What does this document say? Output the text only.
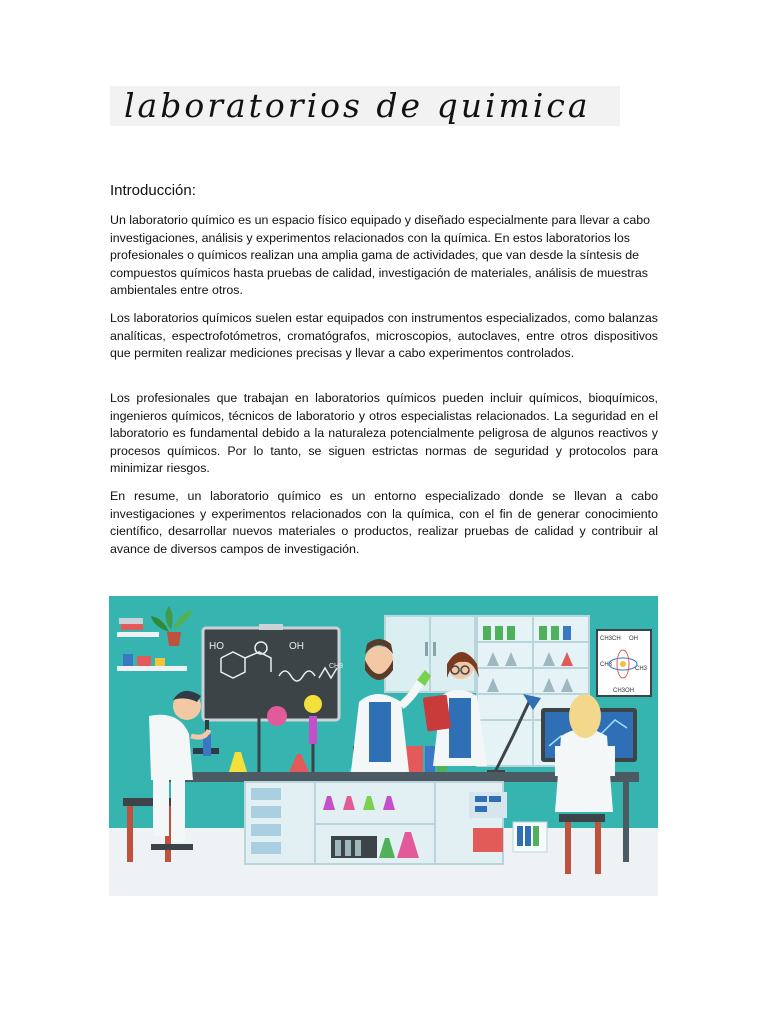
laboratorios de quimica
Introducción:

Un laboratorio químico es un espacio físico equipado y diseñado especialmente para llevar a cabo investigaciones, análisis y experimentos relacionados con la química. En estos laboratorios los profesionales o químicos realizan una amplia gama de actividades, que van desde la síntesis de compuestos químicos hasta pruebas de calidad, investigación de materiales, análisis de muestras ambientales entre otros.

Los laboratorios químicos suelen estar equipados con instrumentos especializados, como balanzas analíticas, espectrofotómetros, cromatógrafos, microscopios, autoclaves, entre otros dispositivos que permiten realizar mediciones precisas y llevar a cabo experimentos controlados.

Los profesionales que trabajan en laboratorios químicos pueden incluir químicos, bioquímicos, ingenieros químicos, técnicos de laboratorio y otros especialistas relacionados. La seguridad en el laboratorio es fundamental debido a la naturaleza potencialmente peligrosa de algunos reactivos y procesos químicos. Por lo tanto, se siguen estrictas normas de seguridad y protocolos para minimizar riesgos.

En resume, un laboratorio químico es un entorno especializado donde se llevan a cabo investigaciones y experimentos relacionados con la química, con el fin de generar conocimiento científico, desarrollar nuevos materiales o productos, realizar pruebas de calidad y contribuir al avance de diversos campos de investigación.

HO	OH
CH3
CH3CH OH
CH3
CH3
CH3OH
